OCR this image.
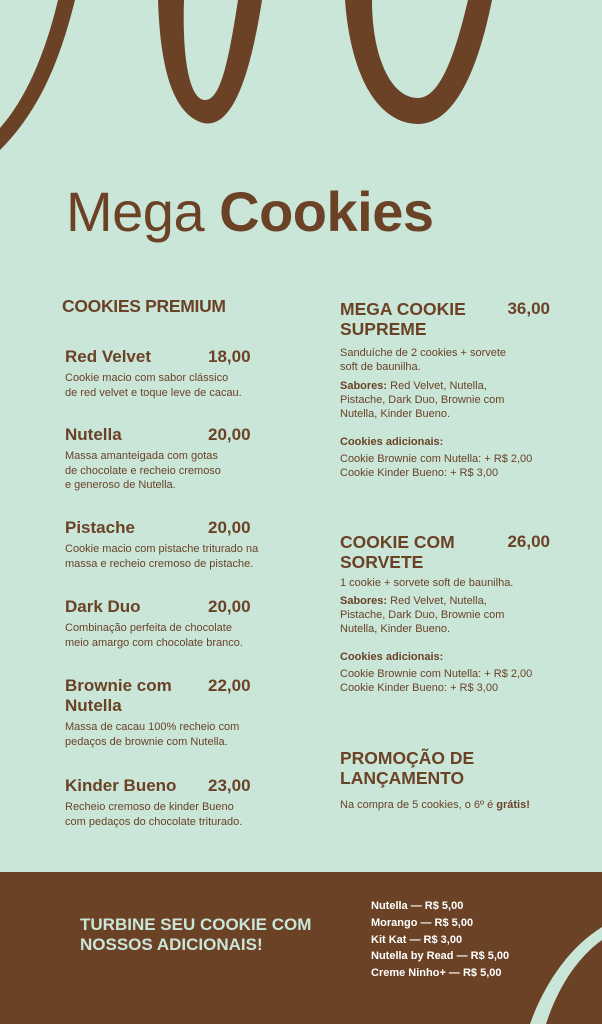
Mega Cookies
COOKIES PREMIUM
Red Velvet	18,00
Cookie macio com sabor clássico
de red velvet e toque leve de cacau.
Nutella	20,00
Massa amanteigada com gotas
de chocolate e recheio cremoso
e generoso de Nutella.
Pistache	20,00
Cookie macio com pistache triturado na
massa e recheio cremoso de pistache.
Dark Duo	20,00
Combinação perfeita de chocolate
meio amargo com chocolate branco.
Brownie com Nutella
22,00
Massa de cacau 100% recheio com
pedaços de brownie com Nutella.
Kinder Bueno	23,00
Recheio cremoso de kinder Bueno
com pedaços do chocolate triturado.
MEGA COOKIE SUPREME
36,00
Sanduíche de 2 cookies + sorvete
soft de baunilha.
Sabores: Red Velvet, Nutella,
Pistache, Dark Duo, Brownie com
Nutella, Kinder Bueno.
Cookies adicionais:
Cookie Brownie com Nutella: + R$ 2,00
Cookie Kinder Bueno: + R$ 3,00
COOKIE COM SORVETE
26,00
1 cookie + sorvete soft de baunilha.
Sabores: Red Velvet, Nutella,
Pistache, Dark Duo, Brownie com
Nutella, Kinder Bueno.
Cookies adicionais:
Cookie Brownie com Nutella: + R$ 2,00
Cookie Kinder Bueno: + R$ 3,00
PROMOÇÃO DE LANÇAMENTO
Na compra de 5 cookies, o 6º é grátis!
TURBINE SEU COOKIE COM NOSSOS ADICIONAIS!
Nutella — R$ 5,00
Morango — R$ 5,00
Kit Kat — R$ 3,00
Nutella by Read — R$ 5,00
Creme Ninho+ — R$ 5,00
